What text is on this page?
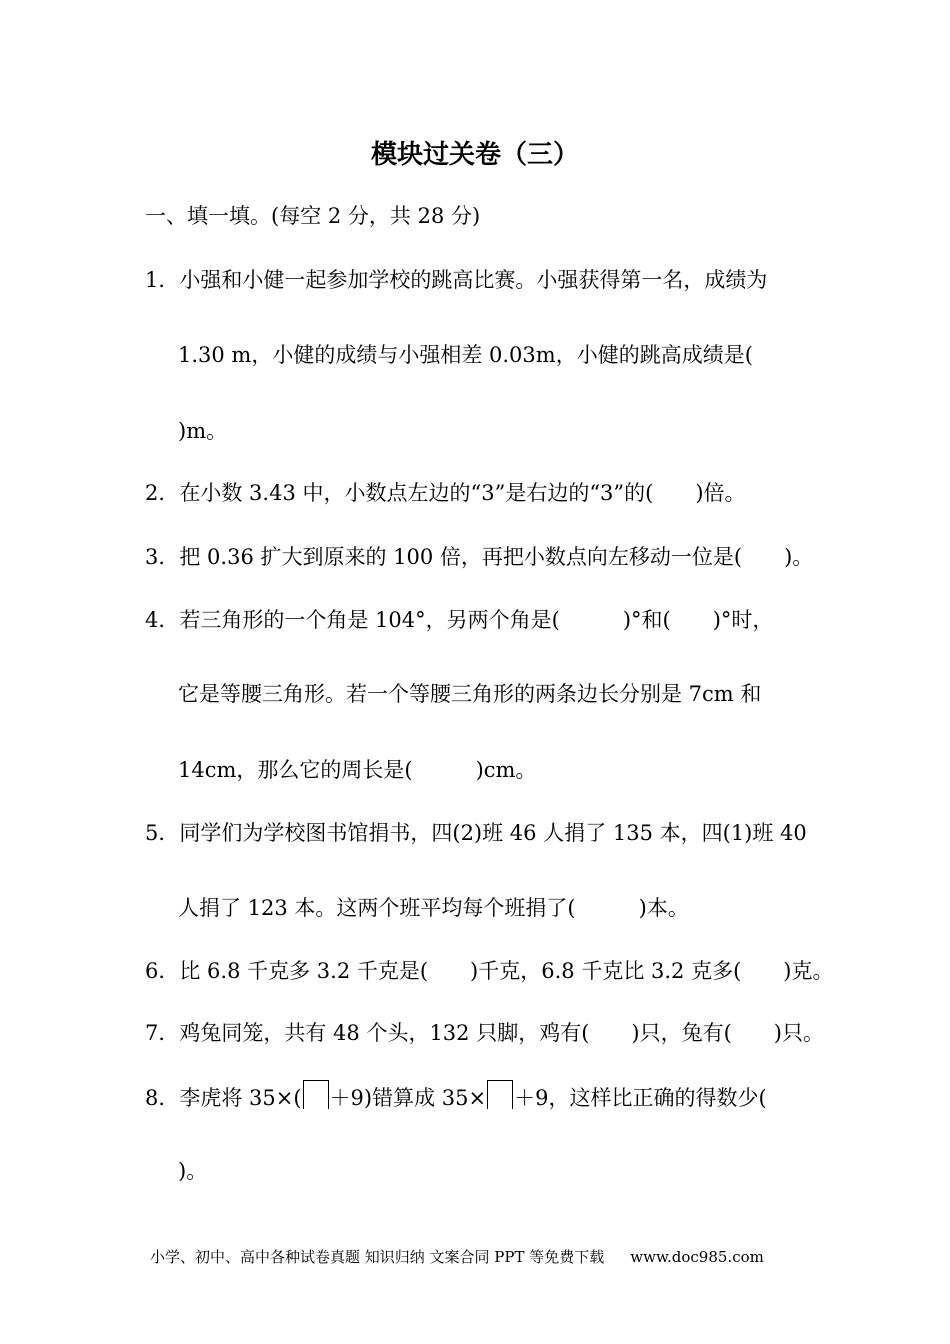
模块过关卷（三）
一、填一填。(每空 2 分，共 28 分)
1．小强和小健一起参加学校的跳高比赛。小强获得第一名，成绩为
1.30 m，小健的成绩与小强相差 0.03m，小健的跳高成绩是(
)m。
2．在小数 3.43 中，小数点左边的“3”是右边的“3”的(　　)倍。
3．把 0.36 扩大到原来的 100 倍，再把小数点向左移动一位是(　　)。
4．若三角形的一个角是 104°，另两个角是(　　　)°和(　　)°时，
它是等腰三角形。若一个等腰三角形的两条边长分别是 7cm 和
14cm，那么它的周长是(　　　)cm。
5．同学们为学校图书馆捐书，四(2)班 46 人捐了 135 本，四(1)班 40
人捐了 123 本。这两个班平均每个班捐了(　　　)本。
6．比 6.8 千克多 3.2 千克是(　　)千克，6.8 千克比 3.2 克多(　　)克。
7．鸡兔同笼，共有 48 个头，132 只脚，鸡有(　　)只，兔有(　　)只。
8．李虎将 35×( ＋9)错算成 35× ＋9，这样比正确的得数少(
)。
小学、初中、高中各种试卷真题 知识归纳 文案合同 PPT 等免费下载 www.doc985.com
